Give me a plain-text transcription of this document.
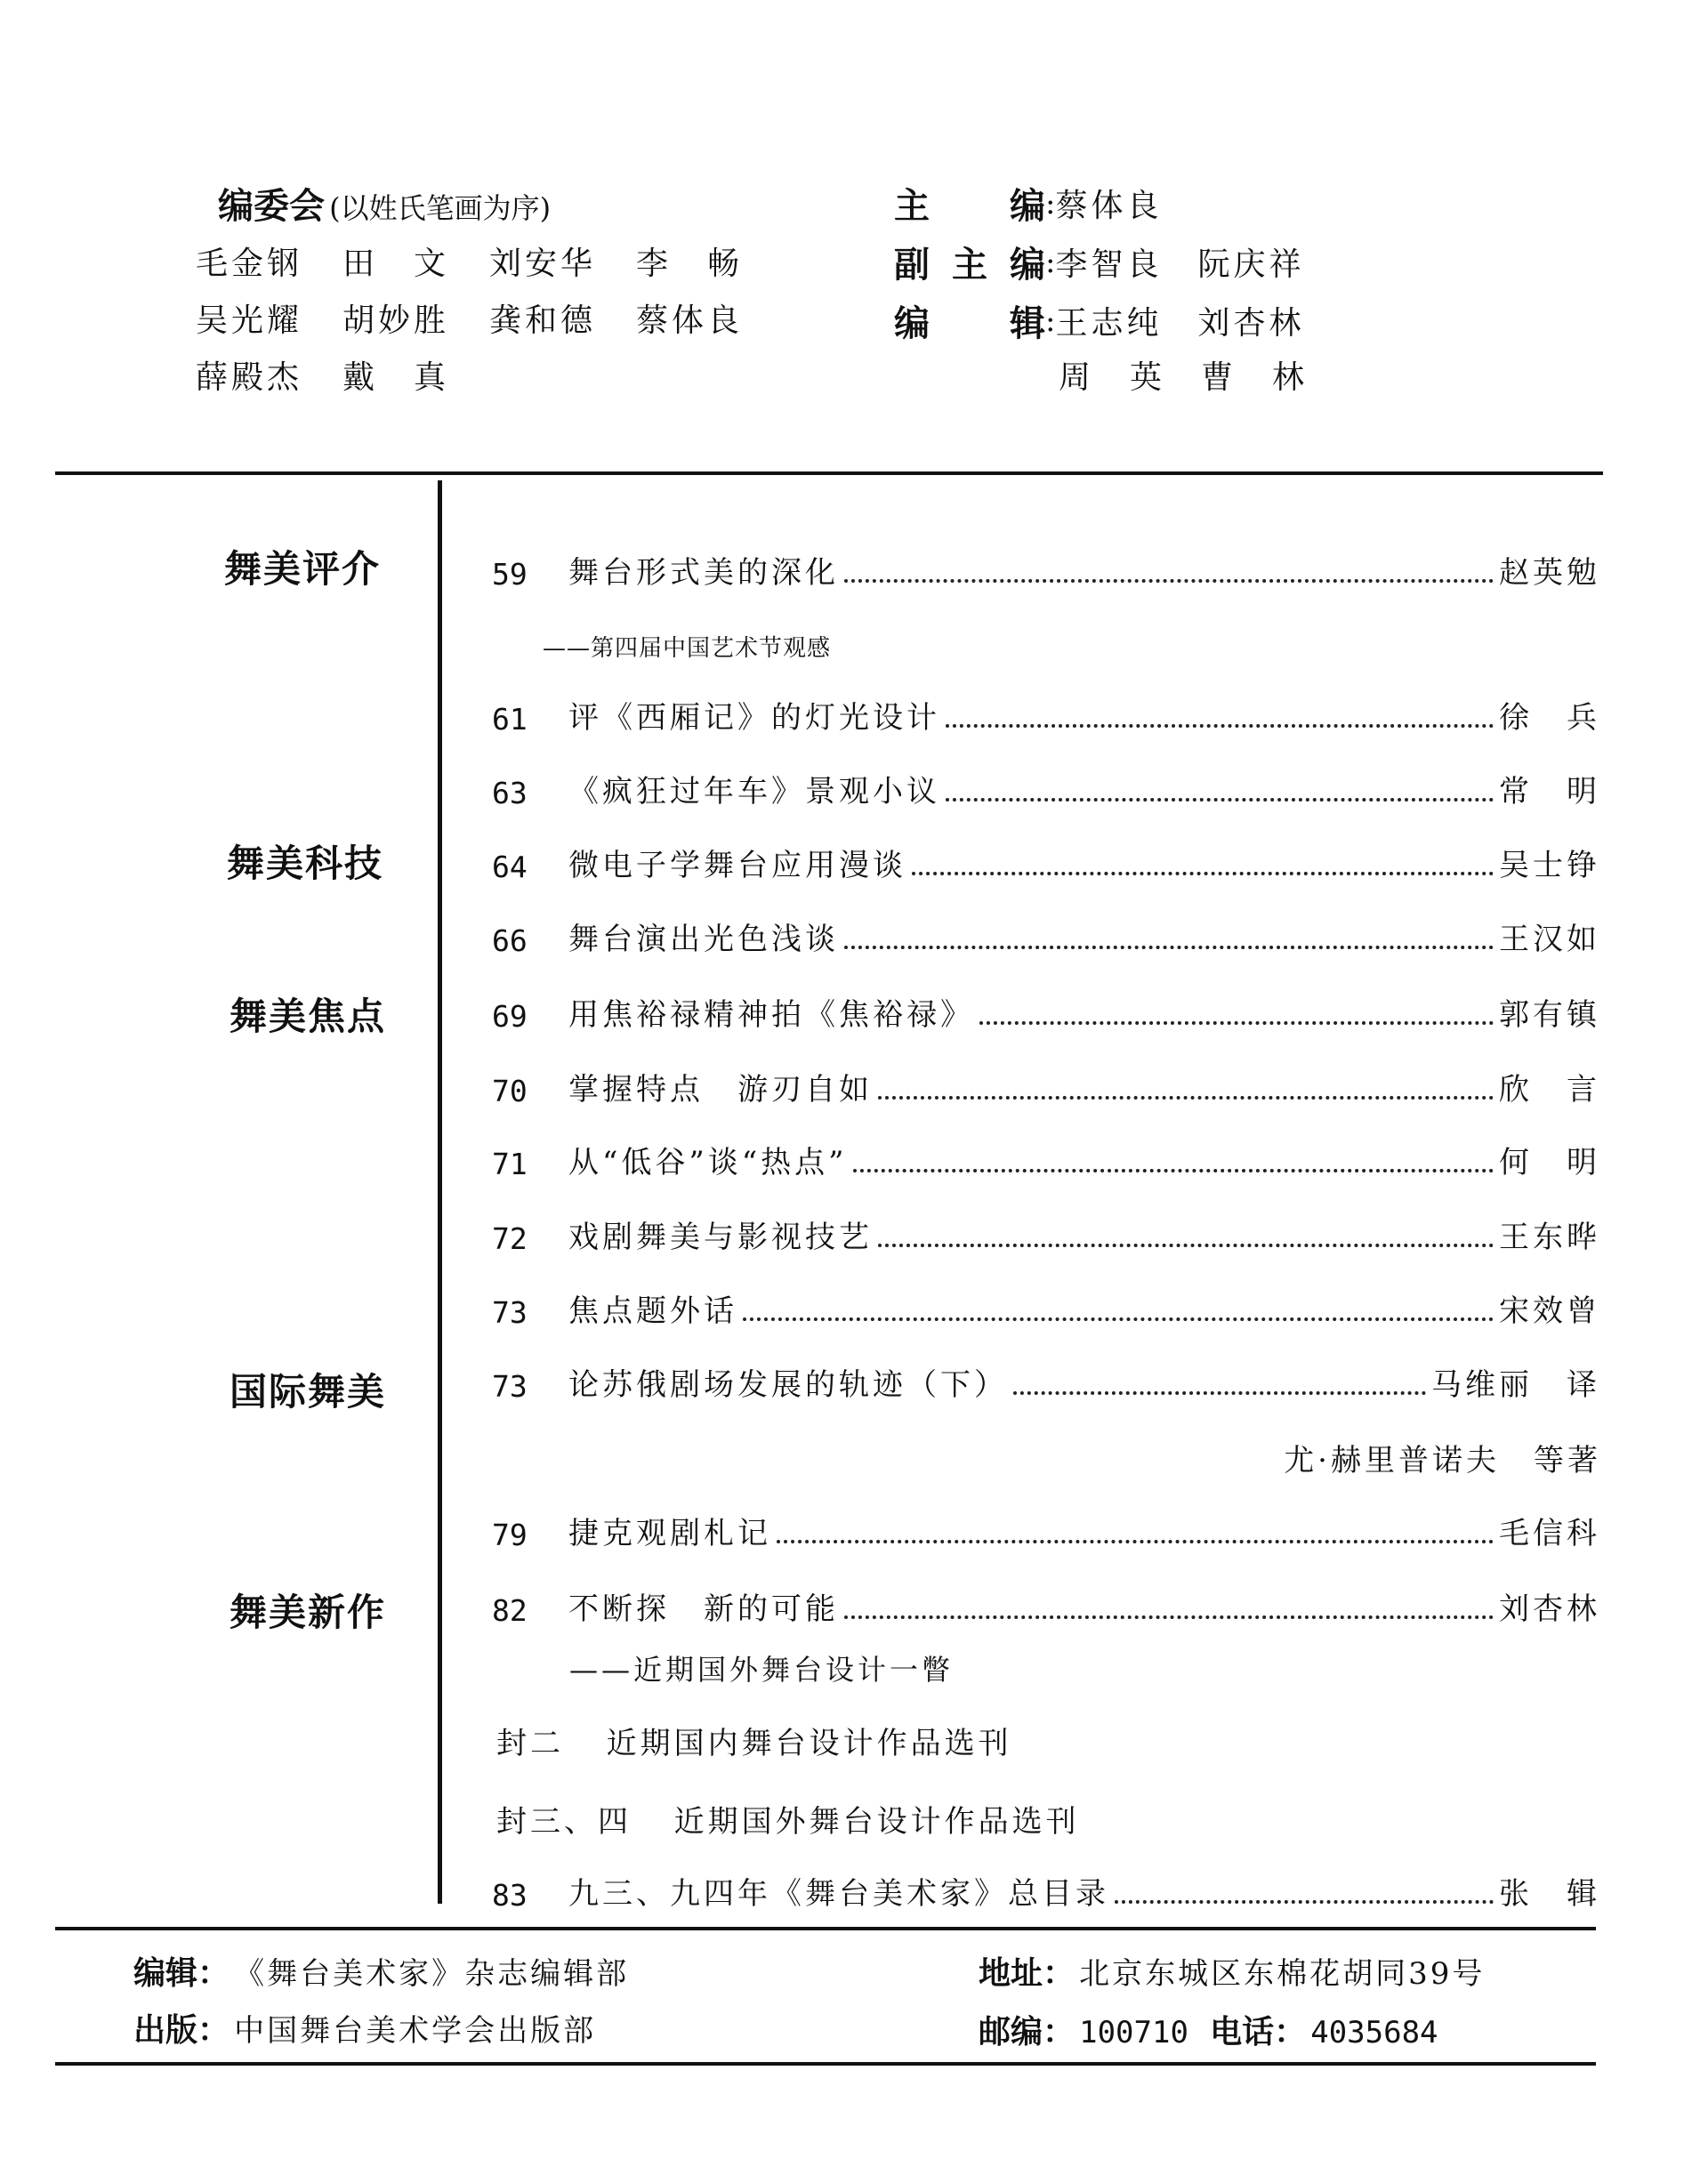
编委会 (以姓氏笔画为序)
毛金钢 田　文 刘安华 李　畅
吴光耀 胡妙胜 龚和德 蔡体良
薛殿杰 戴　真
主 编 : 蔡体良
副 主 编 : 李智良　阮庆祥
编 辑 : 王志纯　刘杏林
周　英　曹　林
舞美评介
舞美科技
舞美焦点
国际舞美
舞美新作
59	舞台形式美的深化	赵英勉
——第四届中国艺术节观感
61	评《西厢记》的灯光设计	徐　兵
63	《疯狂过年车》景观小议	常　明
64	微电子学舞台应用漫谈	吴士铮
66	舞台演出光色浅谈	王汉如
69	用焦裕禄精神拍《焦裕禄》	郭有镇
70	掌握特点　游刃自如	欣　言
71	从“低谷”谈“热点”	何　明
72	戏剧舞美与影视技艺	王东晔
73	焦点题外话	宋效曾
73	论苏俄剧场发展的轨迹（下）	马维丽　译
尤·赫里普诺夫　等著
79	捷克观剧札记	毛信科
82	不断探　新的可能	刘杏林
——近期国外舞台设计一瞥
封二 近期国内舞台设计作品选刊
封三、四 近期国外舞台设计作品选刊
83	九三、九四年《舞台美术家》总目录	张　辑
编辑： 《舞台美术家》杂志编辑部
出版： 中国舞台美术学会出版部
地址： 北京东城区东棉花胡同39号
邮编： 100710 电话： 4035684
